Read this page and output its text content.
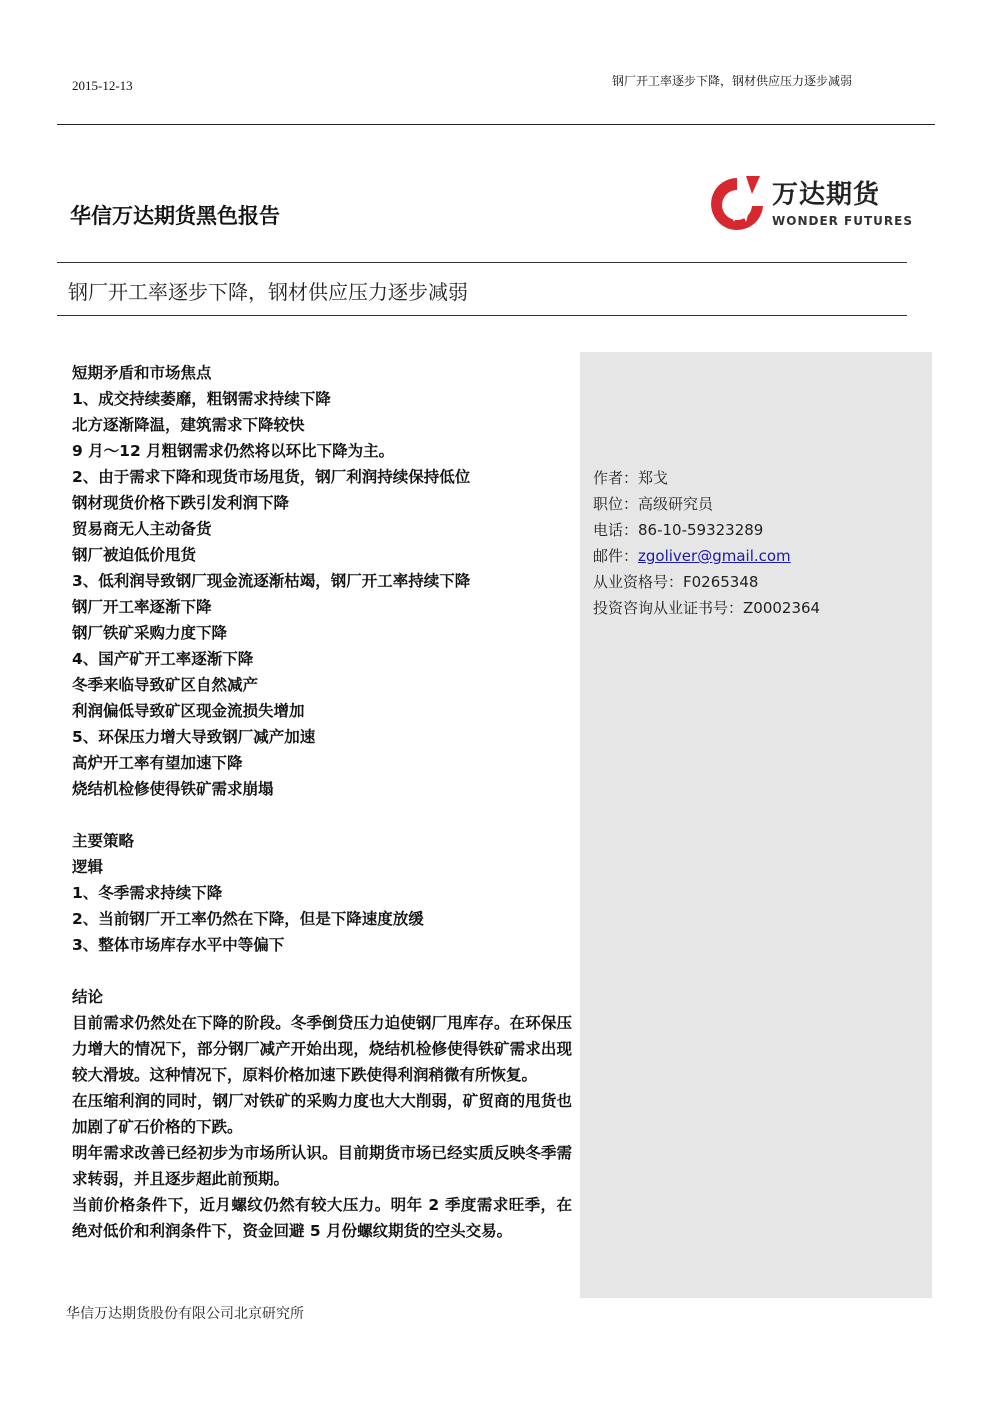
2015-12-13	钢厂开工率逐步下降，钢材供应压力逐步减弱
华信万达期货黑色报告
万达期货
WONDER FUTURES
钢厂开工率逐步下降，钢材供应压力逐步减弱
短期矛盾和市场焦点
1、成交持续萎靡，粗钢需求持续下降
北方逐渐降温，建筑需求下降较快
9 月～12 月粗钢需求仍然将以环比下降为主。
2、由于需求下降和现货市场甩货，钢厂利润持续保持低位
钢材现货价格下跌引发利润下降
贸易商无人主动备货
钢厂被迫低价甩货
3、低利润导致钢厂现金流逐渐枯竭，钢厂开工率持续下降
钢厂开工率逐渐下降
钢厂铁矿采购力度下降
4、国产矿开工率逐渐下降
冬季来临导致矿区自然减产
利润偏低导致矿区现金流损失增加
5、环保压力增大导致钢厂减产加速
高炉开工率有望加速下降
烧结机检修使得铁矿需求崩塌
主要策略
逻辑
1、冬季需求持续下降
2、当前钢厂开工率仍然在下降，但是下降速度放缓
3、整体市场库存水平中等偏下
结论
目前需求仍然处在下降的阶段。冬季倒贷压力迫使钢厂甩库存。在环保压力增大的情况下，部分钢厂减产开始出现，烧结机检修使得铁矿需求出现较大滑坡。这种情况下，原料价格加速下跌使得利润稍微有所恢复。
在压缩利润的同时，钢厂对铁矿的采购力度也大大削弱，矿贸商的甩货也加剧了矿石价格的下跌。
明年需求改善已经初步为市场所认识。目前期货市场已经实质反映冬季需求转弱，并且逐步超此前预期。
当前价格条件下，近月螺纹仍然有较大压力。明年 2 季度需求旺季，在绝对低价和利润条件下，资金回避 5 月份螺纹期货的空头交易。
作者：郑戈
职位：高级研究员
电话：86-10-59323289
邮件：zgoliver@gmail.com
从业资格号：F0265348
投资咨询从业证书号：Z0002364
华信万达期货股份有限公司北京研究所
